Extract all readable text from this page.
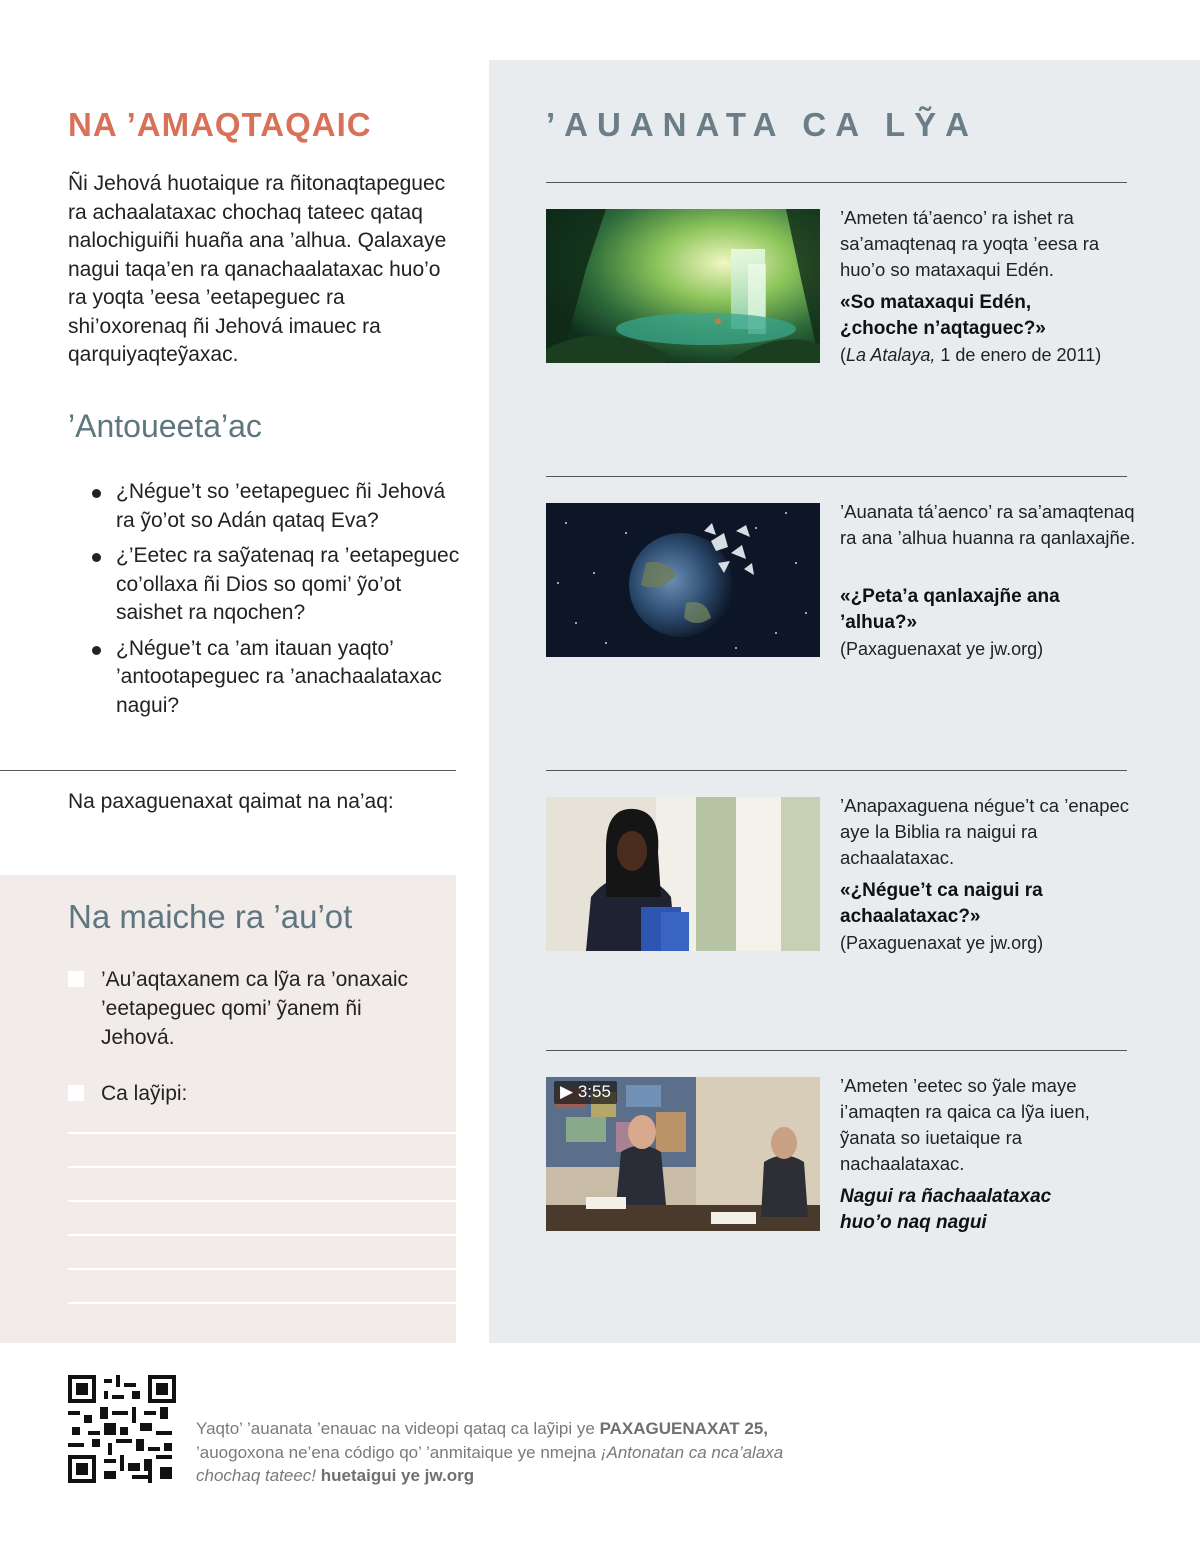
’AUANATA CA LỸA
NA ’AMAQTAQAIC
Ñi Jehová huotaique ra ñitonaqtapeguec ra achaalataxac chochaq tateec qataq nalochiguiñi huaña ana ’alhua. Qalaxaye nagui taqa’en ra qanachaalataxac huo’o ra yoqta ’eesa ’eetapeguec ra shi’oxorenaq ñi Jehová imauec ra qarquiyaqteỹaxac.
’Antoueeta’ac
¿Négue’t so ’eetapeguec ñi Jehová ra ỹo’ot so Adán qataq Eva?
¿’Eetec ra saỹatenaq ra ’eetapeguec co’ollaxa ñi Dios so qomi’ ỹo’ot saishet ra nqochen?
¿Négue’t ca ’am itauan yaqto’ ’antootapeguec ra ’anachaalataxac nagui?
Na paxaguenaxat qaimat na na’aq:
Na maiche ra ’au’ot
’Au’aqtaxanem ca lỹa ra ’onaxaic ’eetapeguec qomi’ ỹanem ñi Jehová.
Ca laỹipi:
’Ameten tá’aenco’ ra ishet ra sa’amaqtenaq ra yoqta ’eesa ra huo’o so mataxaqui Edén.
«So mataxaqui Edén, ¿choche n’aqtaguec?»
(La Atalaya, 1 de enero de 2011)
’Auanata tá’aenco’ ra sa’amaqtenaq ra ana ’alhua huanna ra qanlaxajñe.
«¿Peta’a qanlaxajñe ana ’alhua?»
(Paxaguenaxat ye jw.org)
’Anapaxaguena négue’t ca ’enapec aye la Biblia ra naigui ra achaalataxac.
«¿Négue’t ca naigui ra achaalataxac?»
(Paxaguenaxat ye jw.org)
▶ 3:55	’Ameten ’eetec so ỹale maye i’amaqten ra qaica ca lỹa iuen, ỹanata so iuetaique ra nachaalataxac.
Nagui ra ñachaalataxac huo’o naq nagui
Yaqto’ ’auanata ’enauac na videopi qataq ca laỹipi ye PAXAGUENAXAT 25, ’auogoxona ne’ena código qo’ ’anmitaique ye nmejna ¡Antonatan ca nca’alaxa chochaq tateec! huetaigui ye jw.org
